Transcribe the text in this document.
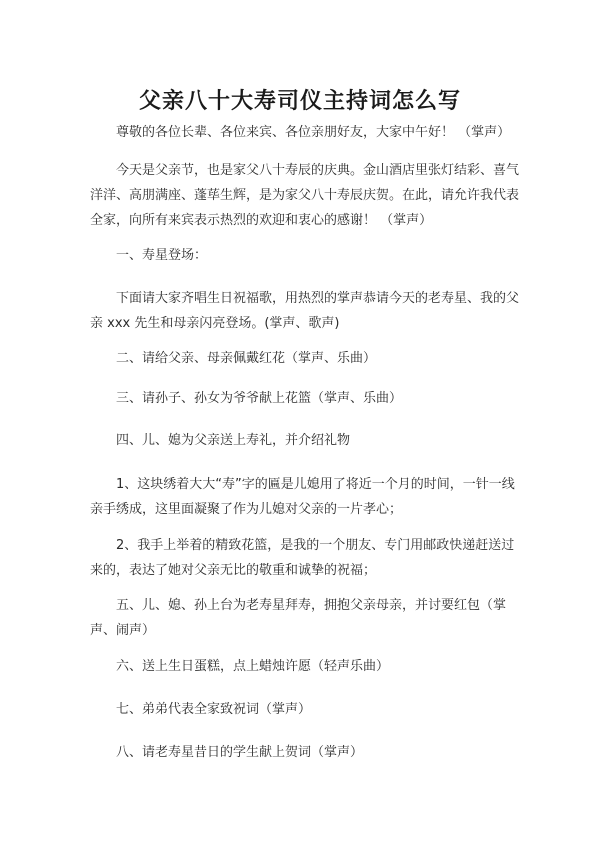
父亲八十大寿司仪主持词怎么写

尊敬的各位长辈、各位来宾、各位亲朋好友，大家中午好！ （掌声）

今天是父亲节，也是家父八十寿辰的庆典。金山酒店里张灯结彩、喜气洋洋、高朋满座、蓬荜生辉，是为家父八十寿辰庆贺。在此，请允许我代表全家，向所有来宾表示热烈的欢迎和衷心的感谢！ （掌声）

一、寿星登场：

下面请大家齐唱生日祝福歌，用热烈的掌声恭请今天的老寿星、我的父亲 xxx 先生和母亲闪亮登场。(掌声、歌声)

二、请给父亲、母亲佩戴红花（掌声、乐曲）

三、请孙子、孙女为爷爷献上花篮（掌声、乐曲）

四、儿、媳为父亲送上寿礼，并介绍礼物

1、这块绣着大大“寿”字的匾是儿媳用了将近一个月的时间，一针一线亲手绣成，这里面凝聚了作为儿媳对父亲的一片孝心；

2、我手上举着的精致花篮，是我的一个朋友、专门用邮政快递赶送过来的，表达了她对父亲无比的敬重和诚挚的祝福；

五、儿、媳、孙上台为老寿星拜寿，拥抱父亲母亲，并讨要红包（掌声、闹声）

六、送上生日蛋糕，点上蜡烛许愿（轻声乐曲）

七、弟弟代表全家致祝词（掌声）

八、请老寿星昔日的学生献上贺词（掌声）
